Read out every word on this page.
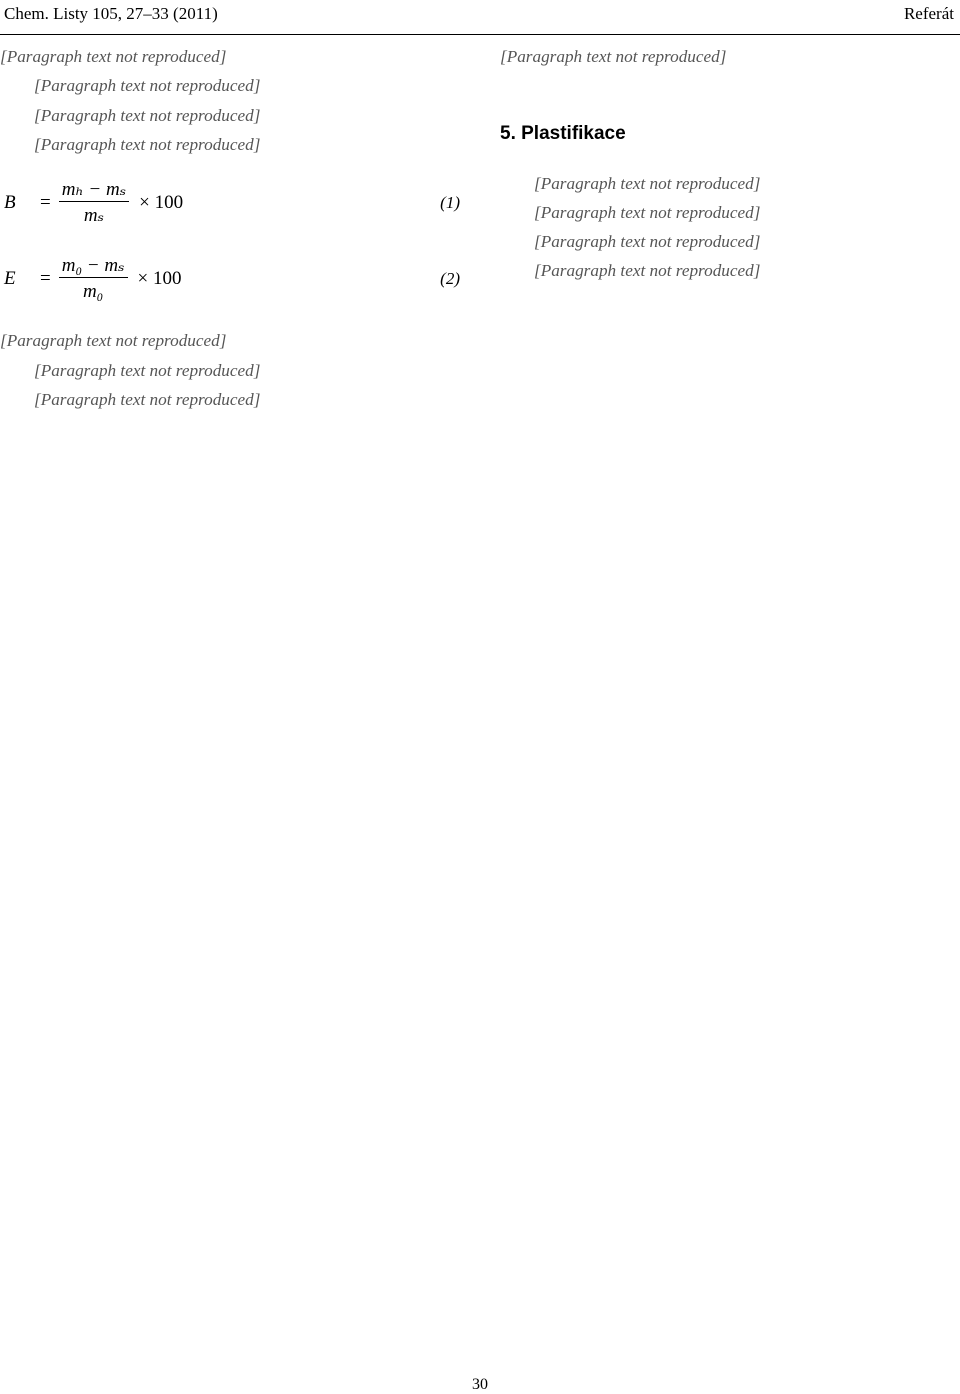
Chem. Listy 105, 27–33 (2011)	Referát

[Paragraph text not reproduced]

[Paragraph text not reproduced]

[Paragraph text not reproduced]

[Paragraph text not reproduced]

B	= $\frac{\text{mₕ − mₛ}}{\text{mₛ}} \times 100$	(1)
E	= $\frac{\text{m₀ − mₛ}}{\text{m₀}} \times 100$	(2)

[Paragraph text not reproduced]

[Paragraph text not reproduced]

[Paragraph text not reproduced]

[Paragraph text not reproduced]

5. Plastifikace

[Paragraph text not reproduced]

[Paragraph text not reproduced]

[Paragraph text not reproduced]

[Paragraph text not reproduced]

30
